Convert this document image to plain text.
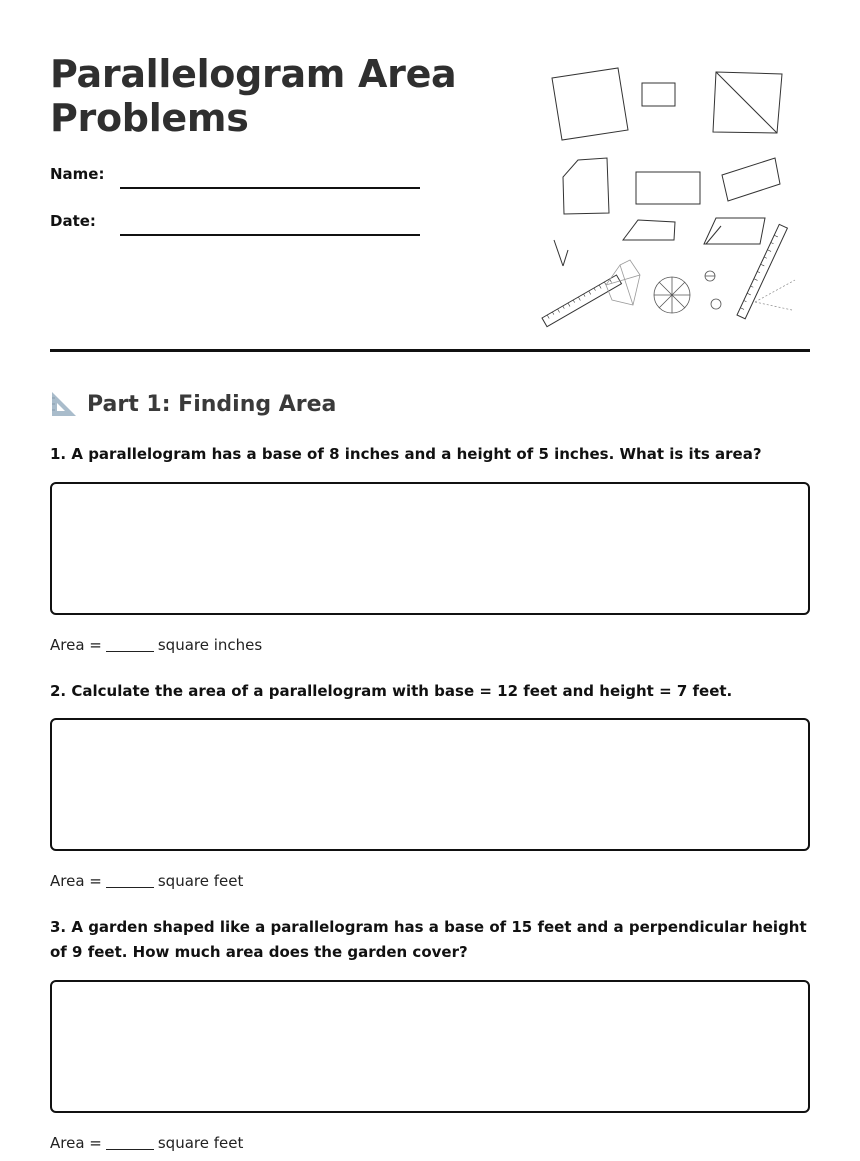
Parallelogram Area
Problems
Name:
Date:
Part 1: Finding Area
1. A parallelogram has a base of 8 inches and a height of 5 inches. What is its area?
Area =	square inches
2. Calculate the area of a parallelogram with base = 12 feet and height = 7 feet.
Area =	square feet
3. A garden shaped like a parallelogram has a base of 15 feet and a perpendicular height of 9 feet. How much area does the garden cover?
Area =	square feet
